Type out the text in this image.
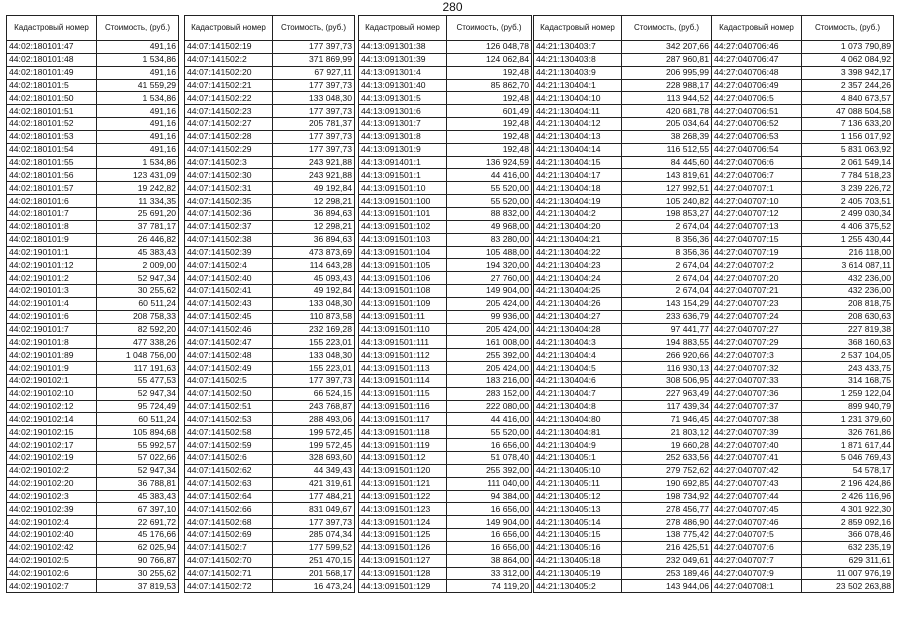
280
Кадастровый номер	Стоимость, (руб.)
44:02:180101:47	491,16
44:02:180101:48	1 534,86
44:02:180101:49	491,16
44:02:180101:5	41 559,29
44:02:180101:50	1 534,86
44:02:180101:51	491,16
44:02:180101:52	491,16
44:02:180101:53	491,16
44:02:180101:54	491,16
44:02:180101:55	1 534,86
44:02:180101:56	123 431,09
44:02:180101:57	19 242,82
44:02:180101:6	11 334,35
44:02:180101:7	25 691,20
44:02:180101:8	37 781,17
44:02:180101:9	26 446,82
44:02:190101:1	45 383,43
44:02:190101:12	2 009,00
44:02:190101:2	52 947,34
44:02:190101:3	30 255,62
44:02:190101:4	60 511,24
44:02:190101:6	208 758,33
44:02:190101:7	82 592,20
44:02:190101:8	477 338,26
44:02:190101:89	1 048 756,00
44:02:190101:9	117 191,63
44:02:190102:1	55 477,53
44:02:190102:10	52 947,34
44:02:190102:12	95 724,49
44:02:190102:14	60 511,24
44:02:190102:15	105 894,68
44:02:190102:17	55 992,57
44:02:190102:19	57 022,66
44:02:190102:2	52 947,34
44:02:190102:20	36 788,81
44:02:190102:3	45 383,43
44:02:190102:39	67 397,10
44:02:190102:4	22 691,72
44:02:190102:40	45 176,66
44:02:190102:42	62 025,94
44:02:190102:5	90 766,87
44:02:190102:6	30 255,62
44:02:190102:7	37 819,53
Кадастровый номер	Стоимость, (руб.)
44:07:141502:19	177 397,73
44:07:141502:2	371 869,99
44:07:141502:20	67 927,11
44:07:141502:21	177 397,73
44:07:141502:22	133 048,30
44:07:141502:23	177 397,73
44:07:141502:27	205 781,37
44:07:141502:28	177 397,73
44:07:141502:29	177 397,73
44:07:141502:3	243 921,88
44:07:141502:30	243 921,88
44:07:141502:31	49 192,84
44:07:141502:35	12 298,21
44:07:141502:36	36 894,63
44:07:141502:37	12 298,21
44:07:141502:38	36 894,63
44:07:141502:39	473 873,69
44:07:141502:4	114 643,28
44:07:141502:40	45 093,43
44:07:141502:41	49 192,84
44:07:141502:43	133 048,30
44:07:141502:45	110 873,58
44:07:141502:46	232 169,28
44:07:141502:47	155 223,01
44:07:141502:48	133 048,30
44:07:141502:49	155 223,01
44:07:141502:5	177 397,73
44:07:141502:50	66 524,15
44:07:141502:51	243 768,87
44:07:141502:53	288 493,06
44:07:141502:58	199 572,45
44:07:141502:59	199 572,45
44:07:141502:6	328 693,60
44:07:141502:62	44 349,43
44:07:141502:63	421 319,61
44:07:141502:64	177 484,21
44:07:141502:66	831 049,67
44:07:141502:68	177 397,73
44:07:141502:69	285 074,34
44:07:141502:7	177 599,52
44:07:141502:70	251 470,15
44:07:141502:71	201 568,17
44:07:141502:72	16 473,24
Кадастровый номер	Стоимость, (руб.)
44:13:091301:38	126 048,78
44:13:091301:39	124 062,84
44:13:091301:4	192,48
44:13:091301:40	85 862,70
44:13:091301:5	192,48
44:13:091301:6	601,49
44:13:091301:7	192,48
44:13:091301:8	192,48
44:13:091301:9	192,48
44:13:091401:1	136 924,59
44:13:091501:1	44 416,00
44:13:091501:10	55 520,00
44:13:091501:100	55 520,00
44:13:091501:101	88 832,00
44:13:091501:102	49 968,00
44:13:091501:103	83 280,00
44:13:091501:104	105 488,00
44:13:091501:105	194 320,00
44:13:091501:106	27 760,00
44:13:091501:108	149 904,00
44:13:091501:109	205 424,00
44:13:091501:11	99 936,00
44:13:091501:110	205 424,00
44:13:091501:111	161 008,00
44:13:091501:112	255 392,00
44:13:091501:113	205 424,00
44:13:091501:114	183 216,00
44:13:091501:115	283 152,00
44:13:091501:116	222 080,00
44:13:091501:117	44 416,00
44:13:091501:118	55 520,00
44:13:091501:119	16 656,00
44:13:091501:12	51 078,40
44:13:091501:120	255 392,00
44:13:091501:121	111 040,00
44:13:091501:122	94 384,00
44:13:091501:123	16 656,00
44:13:091501:124	149 904,00
44:13:091501:125	16 656,00
44:13:091501:126	16 656,00
44:13:091501:127	38 864,00
44:13:091501:128	33 312,00
44:13:091501:129	74 119,20
Кадастровый номер	Стоимость, (руб.)
44:21:130403:7	342 207,66
44:21:130403:8	287 960,81
44:21:130403:9	206 995,99
44:21:130404:1	228 988,17
44:21:130404:10	113 944,52
44:21:130404:11	420 681,78
44:21:130404:12	205 034,64
44:21:130404:13	38 268,39
44:21:130404:14	116 512,55
44:21:130404:15	84 445,60
44:21:130404:17	143 819,61
44:21:130404:18	127 992,51
44:21:130404:19	105 240,82
44:21:130404:2	198 853,27
44:21:130404:20	2 674,04
44:21:130404:21	8 356,36
44:21:130404:22	8 356,36
44:21:130404:23	2 674,04
44:21:130404:24	2 674,04
44:21:130404:25	2 674,04
44:21:130404:26	143 154,29
44:21:130404:27	233 636,79
44:21:130404:28	97 441,77
44:21:130404:3	194 883,55
44:21:130404:4	266 920,66
44:21:130404:5	116 930,13
44:21:130404:6	308 506,95
44:21:130404:7	227 963,49
44:21:130404:8	117 439,34
44:21:130404:80	71 946,45
44:21:130404:81	21 803,12
44:21:130404:9	19 660,28
44:21:130405:1	252 633,56
44:21:130405:10	279 752,62
44:21:130405:11	190 692,85
44:21:130405:12	198 734,92
44:21:130405:13	278 456,77
44:21:130405:14	278 486,90
44:21:130405:15	138 775,42
44:21:130405:16	216 425,51
44:21:130405:18	232 049,61
44:21:130405:19	253 189,46
44:21:130405:2	143 944,06
Кадастровый номер	Стоимость, (руб.)
44:27:040706:46	1 073 790,89
44:27:040706:47	4 062 084,92
44:27:040706:48	3 398 942,17
44:27:040706:49	2 357 244,26
44:27:040706:5	4 840 673,57
44:27:040706:51	47 088 504,58
44:27:040706:52	7 136 633,20
44:27:040706:53	1 156 017,92
44:27:040706:54	5 831 063,92
44:27:040706:6	2 061 549,14
44:27:040706:7	7 784 518,23
44:27:040707:1	3 239 226,72
44:27:040707:10	2 405 703,51
44:27:040707:12	2 499 030,34
44:27:040707:13	4 406 375,52
44:27:040707:15	1 255 430,44
44:27:040707:19	216 118,00
44:27:040707:2	3 614 087,11
44:27:040707:20	432 236,00
44:27:040707:21	432 236,00
44:27:040707:23	208 818,75
44:27:040707:24	208 630,63
44:27:040707:27	227 819,38
44:27:040707:29	368 160,63
44:27:040707:3	2 537 104,05
44:27:040707:32	243 433,75
44:27:040707:33	314 168,75
44:27:040707:36	1 259 122,04
44:27:040707:37	899 940,79
44:27:040707:38	1 231 379,60
44:27:040707:39	326 761,86
44:27:040707:40	1 871 617,44
44:27:040707:41	5 046 769,43
44:27:040707:42	54 578,17
44:27:040707:43	2 196 424,86
44:27:040707:44	2 426 116,96
44:27:040707:45	4 301 922,30
44:27:040707:46	2 859 092,16
44:27:040707:5	366 078,46
44:27:040707:6	632 235,19
44:27:040707:7	629 311,61
44:27:040707:9	11 007 976,19
44:27:040708:1	23 502 263,88
